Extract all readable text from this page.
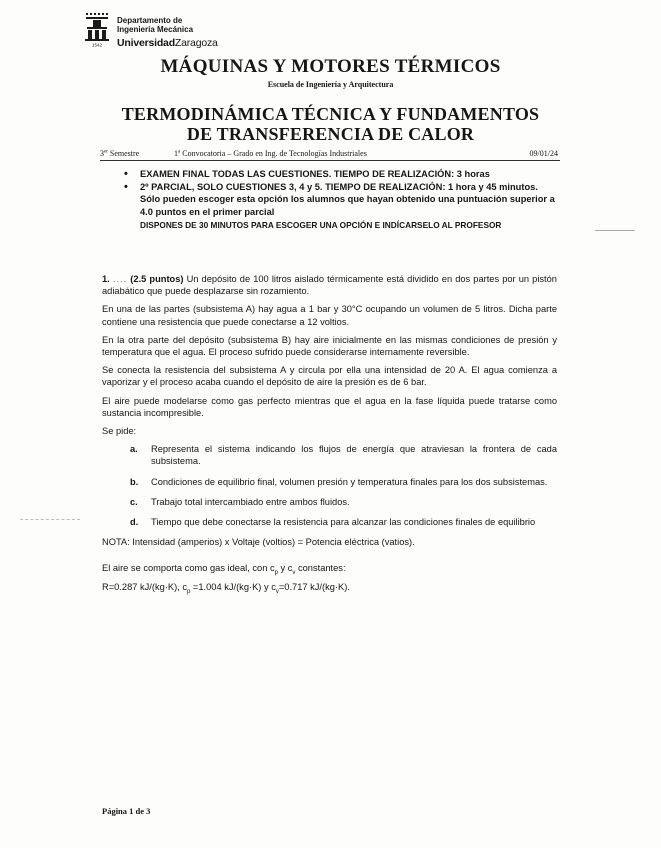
1542
Departamento de
Ingeniería Mecánica
UniversidadZaragoza
MÁQUINAS Y MOTORES TÉRMICOS
Escuela de Ingeniería y Arquitectura
TERMODINÁMICA TÉCNICA Y FUNDAMENTOS
DE TRANSFERENCIA DE CALOR
3er Semestre	1$^a$ Convocatoria – Grado en Ing. de Tecnologías Industriales	09/01/24
• EXAMEN FINAL TODAS LAS CUESTIONES. TIEMPO DE REALIZACIÓN: 3 horas
• 2º PARCIAL, SOLO CUESTIONES 3, 4 y 5. TIEMPO DE REALIZACIÓN: 1 hora y 45 minutos. Sólo pueden escoger esta opción los alumnos que hayan obtenido una puntuación superior a 4.0 puntos en el primer parcial
DISPONES DE 30 MINUTOS PARA ESCOGER UNA OPCIÓN E INDÍCARSELO AL PROFESOR

1. .... (2.5 puntos) Un depósito de 100 litros aislado térmicamente está dividido en dos partes por un pistón adiabático que puede desplazarse sin rozamiento.

En una de las partes (subsistema A) hay agua a 1 bar y 30°C ocupando un volumen de 5 litros. Dicha parte contiene una resistencia que puede conectarse a 12 voltios.

En la otra parte del depósito (subsistema B) hay aire inicialmente en las mismas condiciones de presión y temperatura que el agua. El proceso sufrido puede considerarse internamente reversible.

Se conecta la resistencia del subsistema A y circula por ella una intensidad de 20 A. El agua comienza a vaporizar y el proceso acaba cuando el depósito de aire la presión es de 6 bar.

El aire puede modelarse como gas perfecto mientras que el agua en la fase líquida puede tratarse como sustancia incompresible.

Se pide:

a. Representa el sistema indicando los flujos de energía que atraviesan la frontera de cada subsistema.
b. Condiciones de equilibrio final, volumen presión y temperatura finales para los dos subsistemas.
c. Trabajo total intercambiado entre ambos fluidos.
d. Tiempo que debe conectarse la resistencia para alcanzar las condiciones finales de equilibrio

NOTA: Intensidad (amperios) x Voltaje (voltios) = Potencia eléctrica (vatios).

El aire se comporta como gas ideal, con $c_p$ y $c_v$ constantes:

R=0.287 kJ/(kg·K), $c_p =1.004$ kJ/(kg·K) y $c_v=0.717$ kJ/(kg·K).

Página 1 de 3
